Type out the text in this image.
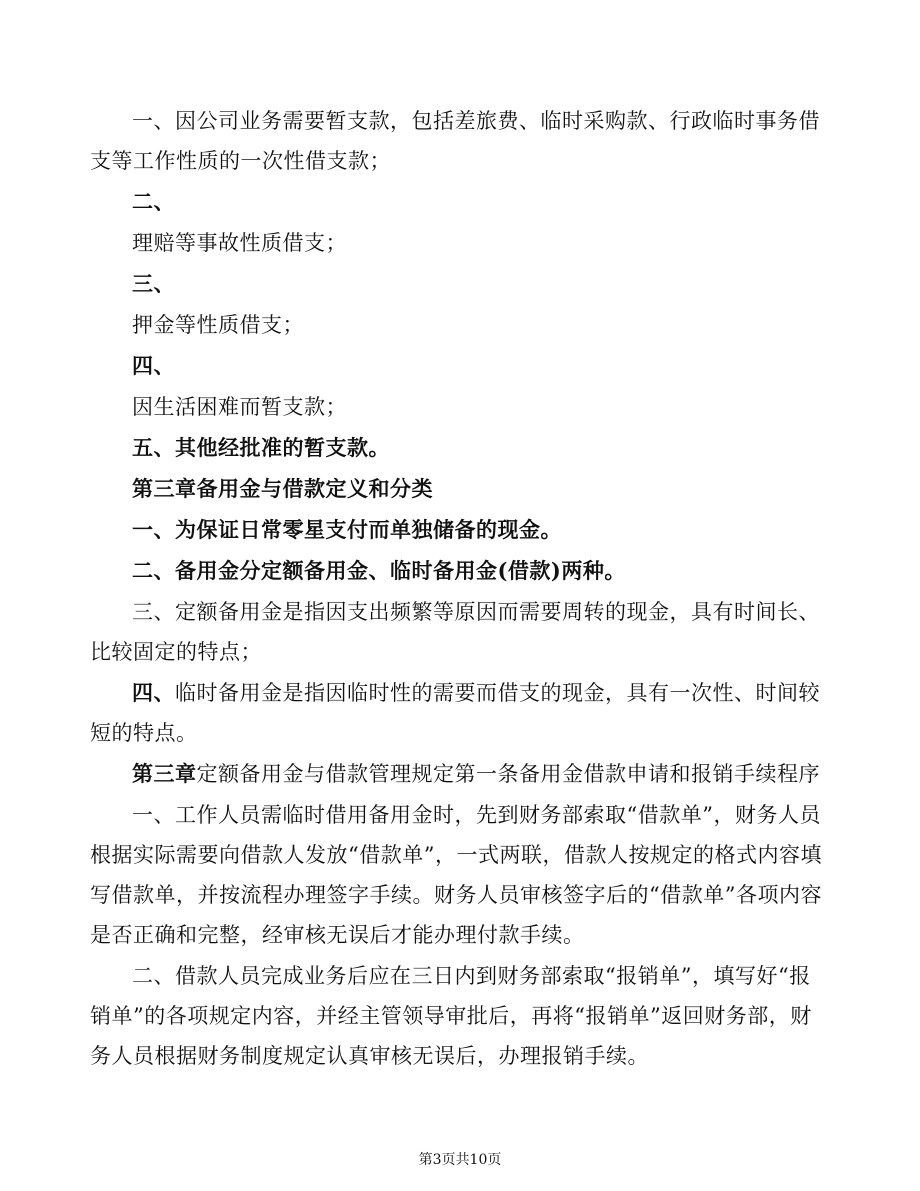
一、因公司业务需要暂支款，包括差旅费、临时采购款、行政临时事务借支等工作性质的一次性借支款；

二、

理赔等事故性质借支；

三、

押金等性质借支；

四、

因生活困难而暂支款；

五、其他经批准的暂支款。

第三章备用金与借款定义和分类

一、为保证日常零星支付而单独储备的现金。

二、备用金分定额备用金、临时备用金(借款)两种。

三、定额备用金是指因支出频繁等原因而需要周转的现金，具有时间长、比较固定的特点；

四、临时备用金是指因临时性的需要而借支的现金，具有一次性、时间较短的特点。

第三章定额备用金与借款管理规定第一条备用金借款申请和报销手续程序

一、工作人员需临时借用备用金时，先到财务部索取“借款单”，财务人员根据实际需要向借款人发放“借款单”，一式两联，借款人按规定的格式内容填写借款单，并按流程办理签字手续。财务人员审核签字后的“借款单”各项内容是否正确和完整，经审核无误后才能办理付款手续。

二、借款人员完成业务后应在三日内到财务部索取“报销单”，填写好“报销单”的各项规定内容，并经主管领导审批后，再将“报销单”返回财务部，财务人员根据财务制度规定认真审核无误后，办理报销手续。

第3页共10页
